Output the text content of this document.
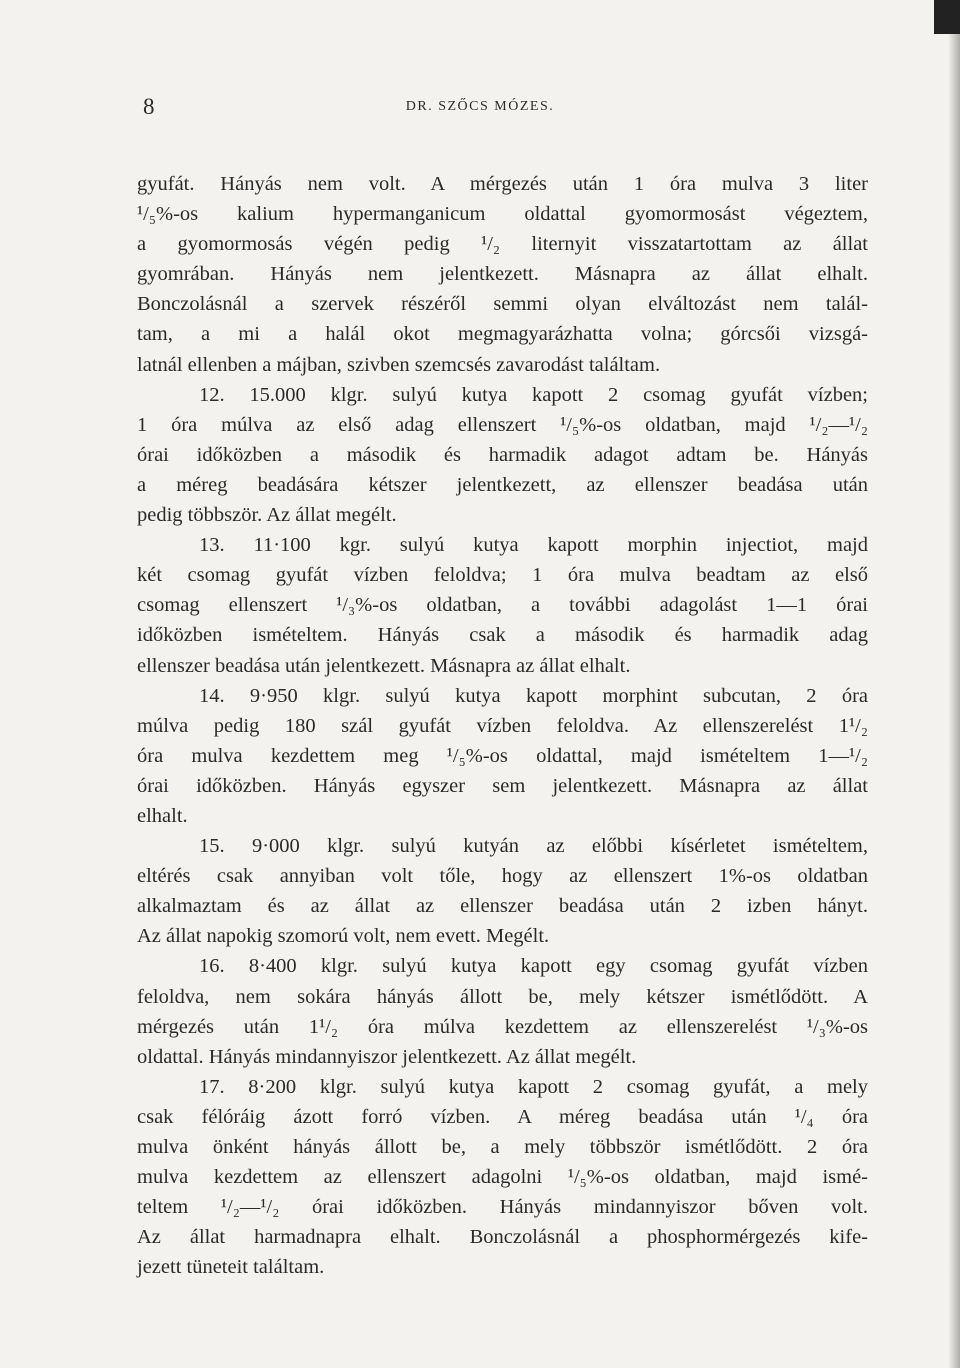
8	DR. SZŐCS MÓZES.
gyufát. Hányás nem volt. A mérgezés után 1 óra mulva 3 liter
¹/₅%-os kalium hypermanganicum oldattal gyomormosást végeztem,
a gyomormosás végén pedig ¹/₂ liternyit visszatartottam az állat
gyomrában. Hányás nem jelentkezett. Másnapra az állat elhalt.
Bonczolásnál a szervek részéről semmi olyan elváltozást nem talál-
tam, a mi a halál okot megmagyarázhatta volna; górcsői vizsgá-
latnál ellenben a májban, szivben szemcsés zavarodást találtam.
12. 15.000 klgr. sulyú kutya kapott 2 csomag gyufát vízben;
1 óra múlva az első adag ellenszert ¹/₅%-os oldatban, majd ¹/₂—¹/₂
órai időközben a második és harmadik adagot adtam be. Hányás
a méreg beadására kétszer jelentkezett, az ellenszer beadása után
pedig többször. Az állat megélt.
13. 11·100 kgr. sulyú kutya kapott morphin injectiot, majd
két csomag gyufát vízben feloldva; 1 óra mulva beadtam az első
csomag ellenszert ¹/₃%-os oldatban, a további adagolást 1—1 órai
időközben ismételtem. Hányás csak a második és harmadik adag
ellenszer beadása után jelentkezett. Másnapra az állat elhalt.
14. 9·950 klgr. sulyú kutya kapott morphint subcutan, 2 óra
múlva pedig 180 szál gyufát vízben feloldva. Az ellenszerelést 1¹/₂
óra mulva kezdettem meg ¹/₅%-os oldattal, majd ismételtem 1—¹/₂
órai időközben. Hányás egyszer sem jelentkezett. Másnapra az állat
elhalt.
15. 9·000 klgr. sulyú kutyán az előbbi kísérletet ismételtem,
eltérés csak annyiban volt tőle, hogy az ellenszert 1%-os oldatban
alkalmaztam és az állat az ellenszer beadása után 2 izben hányt.
Az állat napokig szomorú volt, nem evett. Megélt.
16. 8·400 klgr. sulyú kutya kapott egy csomag gyufát vízben
feloldva, nem sokára hányás állott be, mely kétszer ismétlődött. A
mérgezés után 1¹/₂ óra múlva kezdettem az ellenszerelést ¹/₃%-os
oldattal. Hányás mindannyiszor jelentkezett. Az állat megélt.
17. 8·200 klgr. sulyú kutya kapott 2 csomag gyufát, a mely
csak félóráig ázott forró vízben. A méreg beadása után ¹/₄ óra
mulva önként hányás állott be, a mely többször ismétlődött. 2 óra
mulva kezdettem az ellenszert adagolni ¹/₅%-os oldatban, majd ismé-
teltem ¹/₂—¹/₂ órai időközben. Hányás mindannyiszor bőven volt.
Az állat harmadnapra elhalt. Bonczolásnál a phosphormérgezés kife-
jezett tüneteit találtam.
